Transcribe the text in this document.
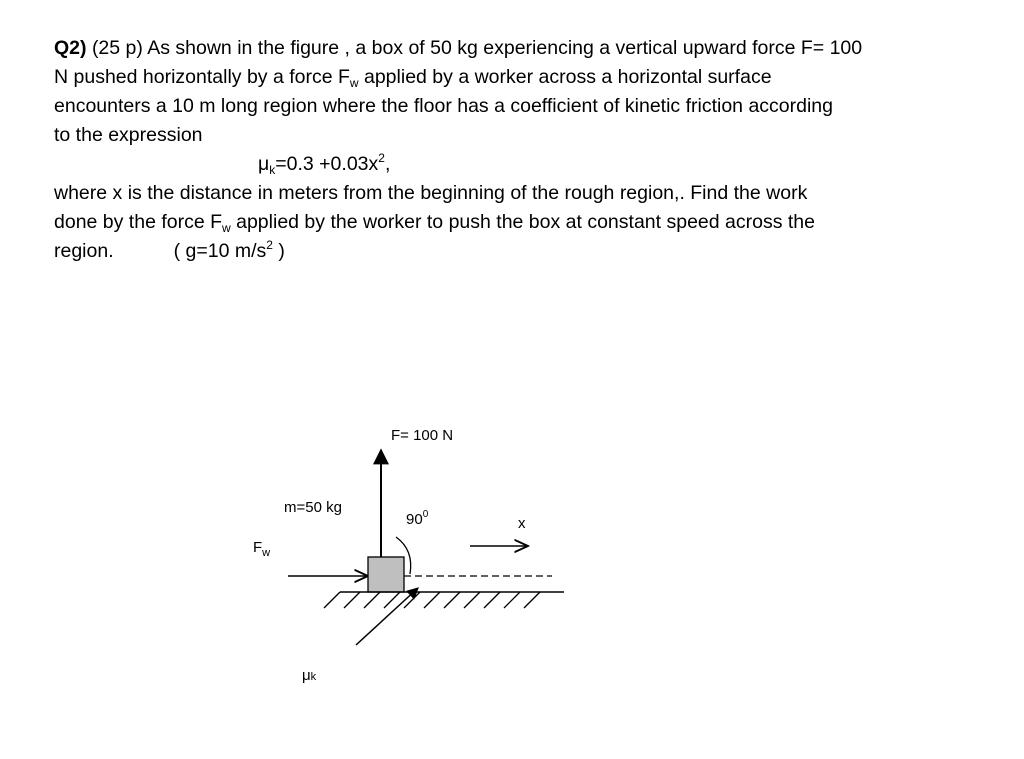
Q2) (25 p) As shown in the figure , a box of 50 kg experiencing a vertical upward force F= 100
N pushed horizontally by a force $F_w$ applied by a worker across a horizontal surface
encounters a 10 m long region where the floor has a coefficient of kinetic friction according
to the expression
$\mu_k=0.3 +0.03x^2$,
where x is the distance in meters from the beginning of the rough region,. Find the work
done by the force $F_w$ applied by the worker to push the box at constant speed across the
region.	( g=10 $m/s^2$ )
F= 100 N
m=50 kg
$90^0$
x
$F_w$
μk
